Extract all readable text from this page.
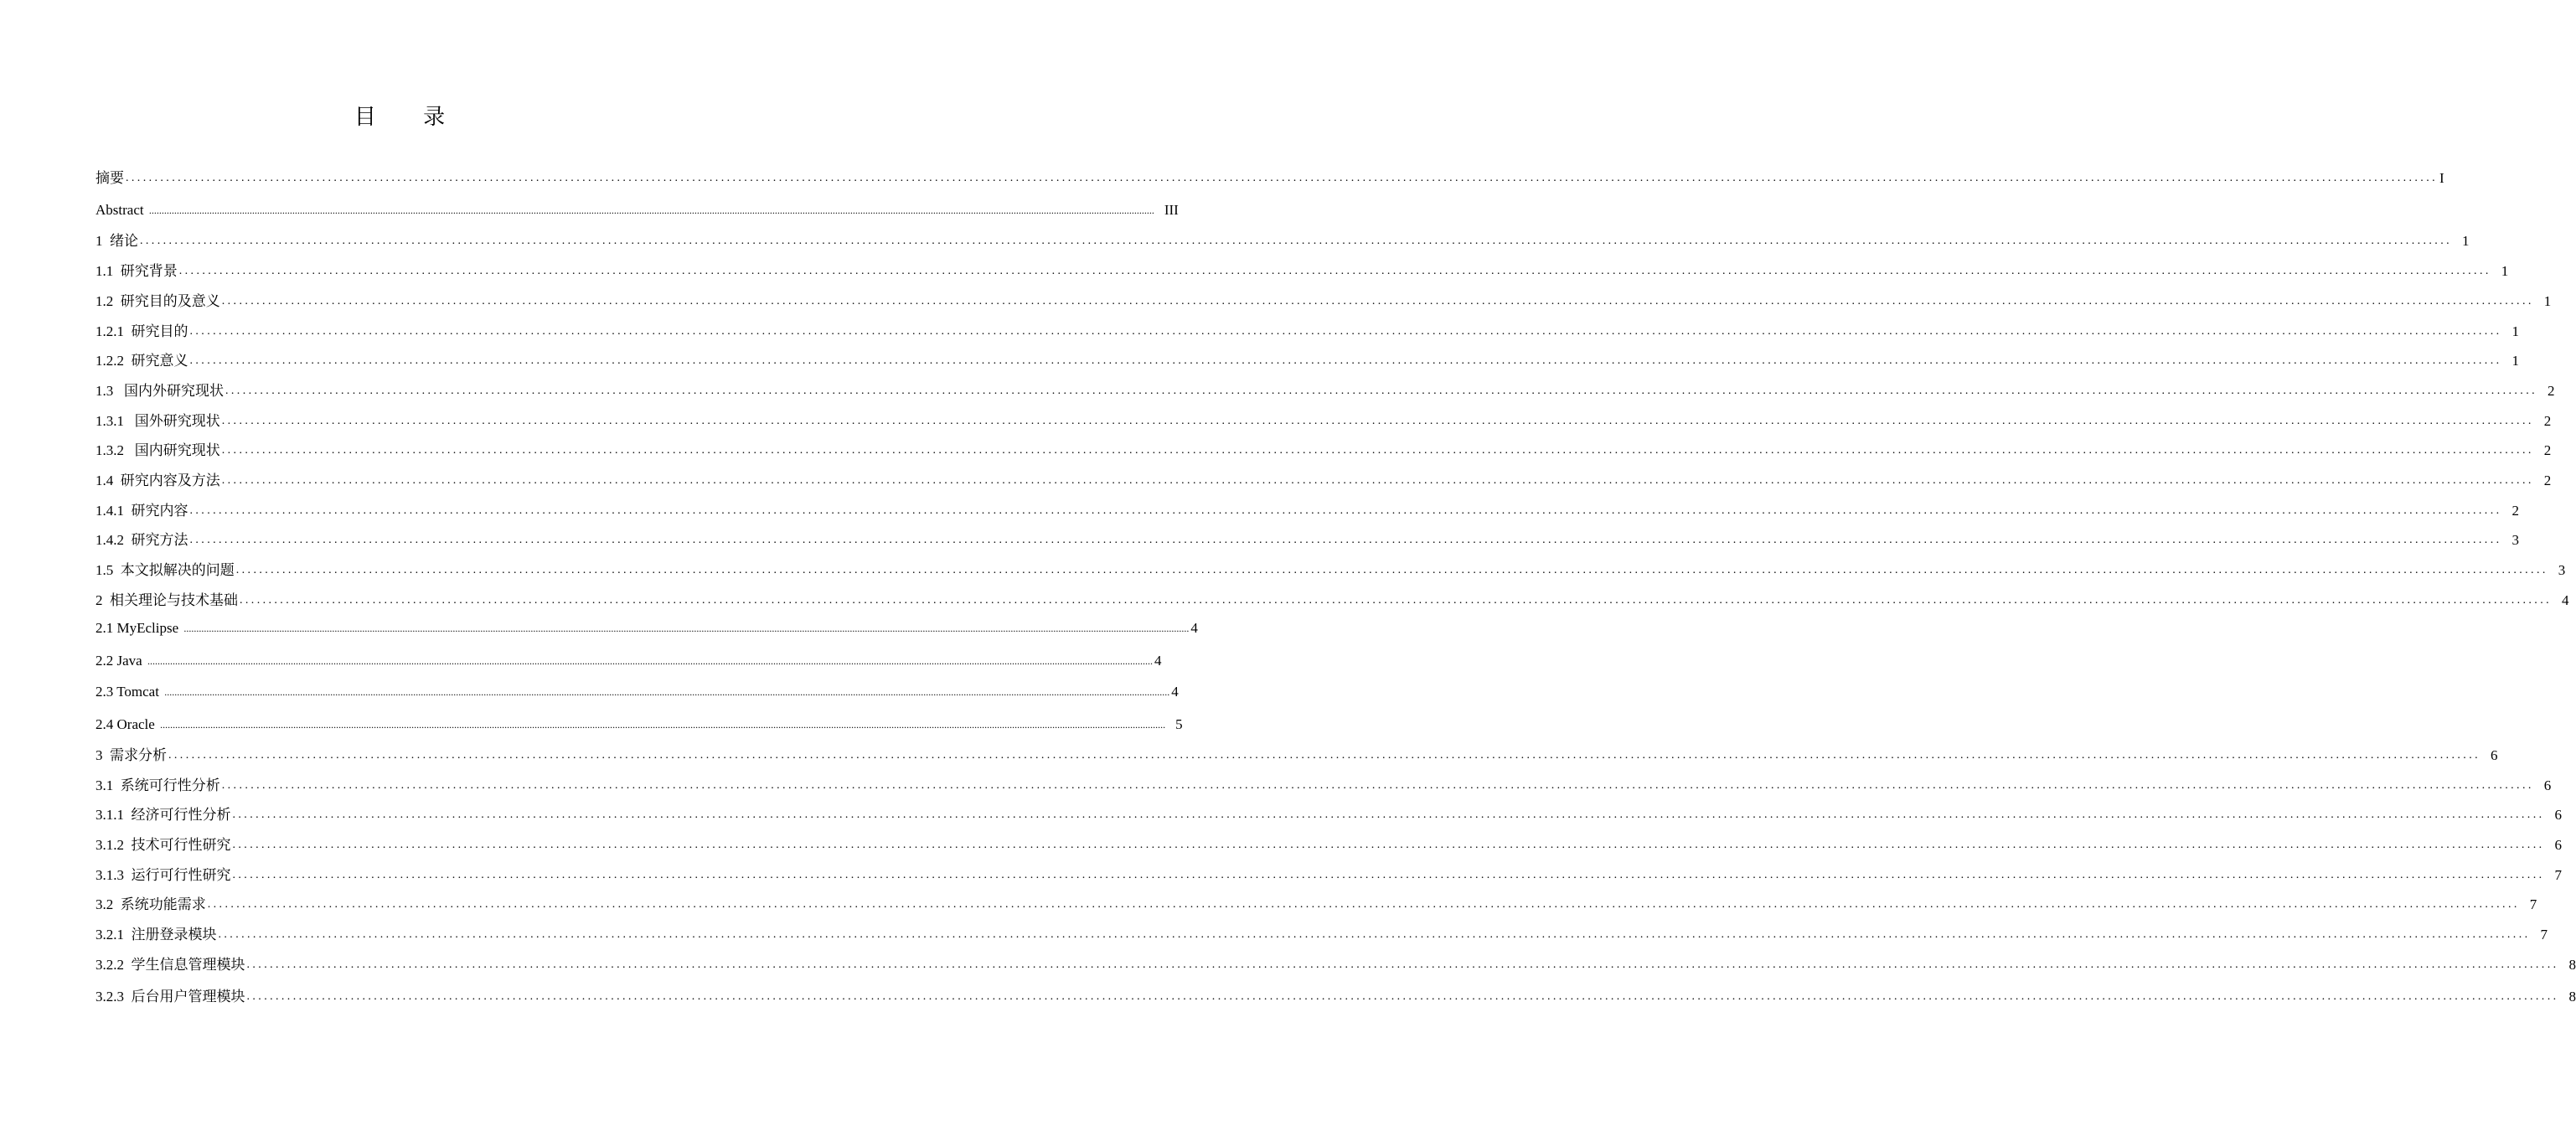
目 录
摘要 ................................................................................................................................................................................................................................................................................................................................................................................................................ I
Abstract ................................................................................................................................................................................................................................................................................................................................................................................................................ III
1  绪论 ................................................................................................................................................................................................................................................................................................................................................................................................................ 1
1.1  研究背景 ................................................................................................................................................................................................................................................................................................................................................................................................................ 1
1.2  研究目的及意义 ................................................................................................................................................................................................................................................................................................................................................................................................................ 1
1.2.1  研究目的 ................................................................................................................................................................................................................................................................................................................................................................................................................ 1
1.2.2  研究意义 ................................................................................................................................................................................................................................................................................................................................................................................................................ 1
1.3   国内外研究现状 ................................................................................................................................................................................................................................................................................................................................................................................................................ 2
1.3.1   国外研究现状 ................................................................................................................................................................................................................................................................................................................................................................................................................ 2
1.3.2   国内研究现状 ................................................................................................................................................................................................................................................................................................................................................................................................................ 2
1.4  研究内容及方法 ................................................................................................................................................................................................................................................................................................................................................................................................................ 2
1.4.1  研究内容 ................................................................................................................................................................................................................................................................................................................................................................................................................ 2
1.4.2  研究方法 ................................................................................................................................................................................................................................................................................................................................................................................................................ 3
1.5  本文拟解决的问题 ................................................................................................................................................................................................................................................................................................................................................................................................................ 3
2  相关理论与技术基础 ................................................................................................................................................................................................................................................................................................................................................................................................................ 4
2.1 MyEclipse ................................................................................................................................................................................................................................................................................................................................................................................................................ 4
2.2 Java ................................................................................................................................................................................................................................................................................................................................................................................................................ 4
2.3 Tomcat ................................................................................................................................................................................................................................................................................................................................................................................................................ 4
2.4 Oracle ................................................................................................................................................................................................................................................................................................................................................................................................................ 5
3  需求分析 ................................................................................................................................................................................................................................................................................................................................................................................................................ 6
3.1  系统可行性分析 ................................................................................................................................................................................................................................................................................................................................................................................................................ 6
3.1.1  经济可行性分析 ................................................................................................................................................................................................................................................................................................................................................................................................................ 6
3.1.2  技术可行性研究 ................................................................................................................................................................................................................................................................................................................................................................................................................ 6
3.1.3  运行可行性研究 ................................................................................................................................................................................................................................................................................................................................................................................................................ 7
3.2  系统功能需求 ................................................................................................................................................................................................................................................................................................................................................................................................................ 7
3.2.1  注册登录模块 ................................................................................................................................................................................................................................................................................................................................................................................................................ 7
3.2.2  学生信息管理模块 ................................................................................................................................................................................................................................................................................................................................................................................................................ 8
3.2.3  后台用户管理模块 ................................................................................................................................................................................................................................................................................................................................................................................................................ 8
